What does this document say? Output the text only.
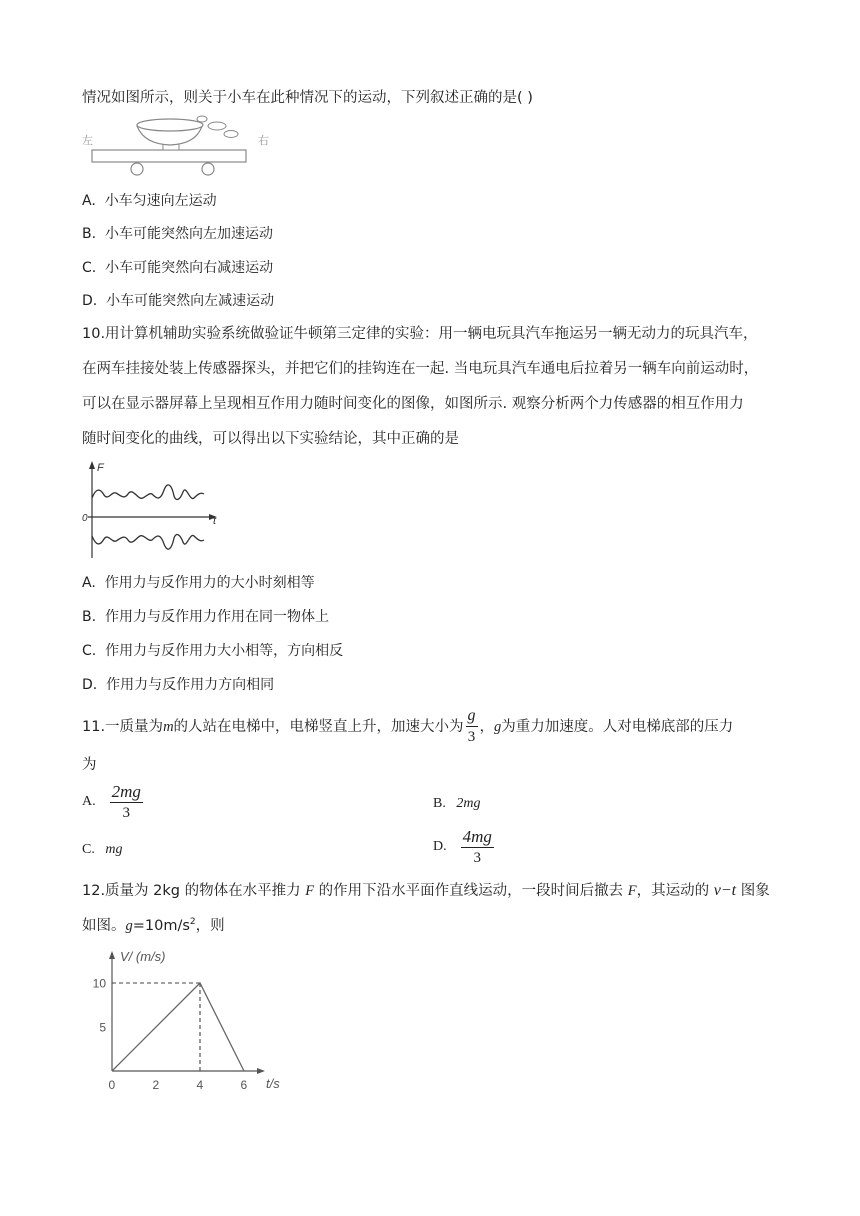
情况如图所示，则关于小车在此种情况下的运动，下列叙述正确的是( )
左	右
A. 小车匀速向左运动
B. 小车可能突然向左加速运动
C. 小车可能突然向右减速运动
D. 小车可能突然向左减速运动
10.用计算机辅助实验系统做验证牛顿第三定律的实验：用一辆电玩具汽车拖运另一辆无动力的玩具汽车，
在两车挂接处装上传感器探头，并把它们的挂钩连在一起. 当电玩具汽车通电后拉着另一辆车向前运动时，
可以在显示器屏幕上呈现相互作用力随时间变化的图像，如图所示. 观察分析两个力传感器的相互作用力
随时间变化的曲线，可以得出以下实验结论，其中正确的是
F
0	t
A. 作用力与反作用力的大小时刻相等
B. 作用力与反作用力作用在同一物体上
C. 作用力与反作用力大小相等，方向相反
D. 作用力与反作用力方向相同
11.一质量为 m 的人站在电梯中，电梯竖直上升，加速大小为 $\frac{g}{3}$ ， g 为重力加速度。人对电梯底部的压力
为
A. $\frac{2mg}{3}$	B. 2mg
C. mg	D. $\frac{4mg}{3}$
12.质量为 2kg 的物体在水平推力 F 的作用下沿水平面作直线运动，一段时间后撤去 F，其运动的 v−t 图象
如图。$g=10m/s^2$，则
V/ (m/s)
t/s
0	2	4	6
5
10
